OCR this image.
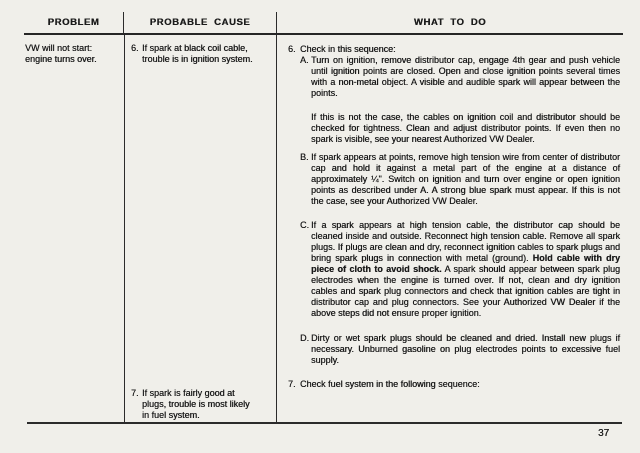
PROBLEM	PROBABLE CAUSE	WHAT TO DO
VW will not start:
engine turns over.
6. If spark at black coil cable,
trouble is in ignition system.
7. If spark is fairly good at
plugs, trouble is most likely
in fuel system.
6. Check in this sequence:
A. Turn on ignition, remove distributor cap, engage 4th gear and push vehicle until ignition points are closed. Open and close ignition points several times with a non-metal object. A visible and audible spark will appear between the points.

If this is not the case, the cables on ignition coil and distributor should be checked for tightness. Clean and adjust distributor points. If even then no spark is visible, see your nearest Authorized VW Dealer.

B. If spark appears at points, remove high tension wire from center of distributor cap and hold it against a metal part of the engine at a distance of approximately ¼". Switch on ignition and turn over engine or open ignition points as described under A. A strong blue spark must appear. If this is not the case, see your Authorized VW Dealer.

C. If a spark appears at high tension cable, the distributor cap should be cleaned inside and outside. Reconnect high tension cable. Remove all spark plugs. If plugs are clean and dry, reconnect ignition cables to spark plugs and bring spark plugs in connection with metal (ground). Hold cable with dry piece of cloth to avoid shock. A spark should appear between spark plug electrodes when the engine is turned over. If not, clean and dry ignition cables and spark plug connectors and check that ignition cables are tight in distributor cap and plug connectors. See your Authorized VW Dealer if the above steps did not ensure proper ignition.

D. Dirty or wet spark plugs should be cleaned and dried. Install new plugs if necessary. Unburned gasoline on plug electrodes points to excessive fuel supply.

7. Check fuel system in the following sequence:
37
